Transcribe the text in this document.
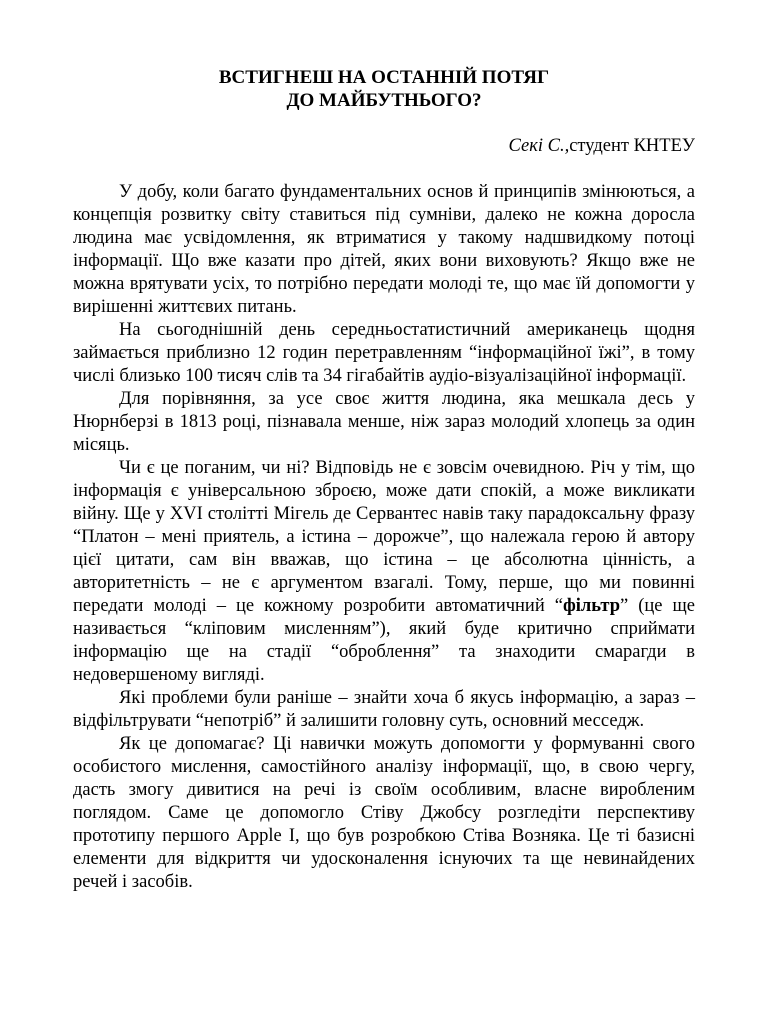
ВСТИГНЕШ НА ОСТАННІЙ ПОТЯГ
ДО МАЙБУТНЬОГО?
Секі С.,студент КНТЕУ

У добу, коли багато фундаментальних основ й принципів змінюються, а концепція розвитку світу ставиться під сумніви, далеко не кожна доросла людина має усвідомлення, як втриматися у такому надшвидкому потоці інформації. Що вже казати про дітей, яких вони виховують? Якщо вже не можна врятувати усіх, то потрібно передати молоді те, що має їй допомогти у вирішенні життєвих питань.

На сьогоднішній день середньостатистичний американець щодня займається приблизно 12 годин перетравленням “інформаційної їжі”, в тому числі близько 100 тисяч слів та 34 гігабайтів аудіо-візуалізаційної інформації.

Для порівняння, за усе своє життя людина, яка мешкала десь у Нюрнберзі в 1813 році, пізнавала менше, ніж зараз молодий хлопець за один місяць.

Чи є це поганим, чи ні? Відповідь не є зовсім очевидною. Річ у тім, що інформація є універсальною зброєю, може дати спокій, а може викликати війну. Ще у XVI столітті Мігель де Сервантес навів таку парадоксальну фразу “Платон – мені приятель, а істина – дорожче”, що належала герою й автору цієї цитати, сам він вважав, що істина – це абсолютна цінність, а авторитетність – не є аргументом взагалі. Тому, перше, що ми повинні передати молоді – це кожному розробити автоматичний “фільтр” (це ще називається “кліповим мисленням”), який буде критично сприймати інформацію ще на стадії “оброблення” та знаходити смарагди в недовершеному вигляді.

Які проблеми були раніше – знайти хоча б якусь інформацію, а зараз – відфільтрувати “непотріб” й залишити головну суть, основний месседж.

Як це допомагає? Ці навички можуть допомогти у формуванні свого особистого мислення, самостійного аналізу інформації, що, в свою чергу, дасть змогу дивитися на речі із своїм особливим, власне виробленим поглядом. Саме це допомогло Стіву Джобсу розгледіти перспективу прототипу першого Apple I, що був розробкою Стіва Возняка. Це ті базисні елементи для відкриття чи удосконалення існуючих та ще невинайдених речей і засобів.
